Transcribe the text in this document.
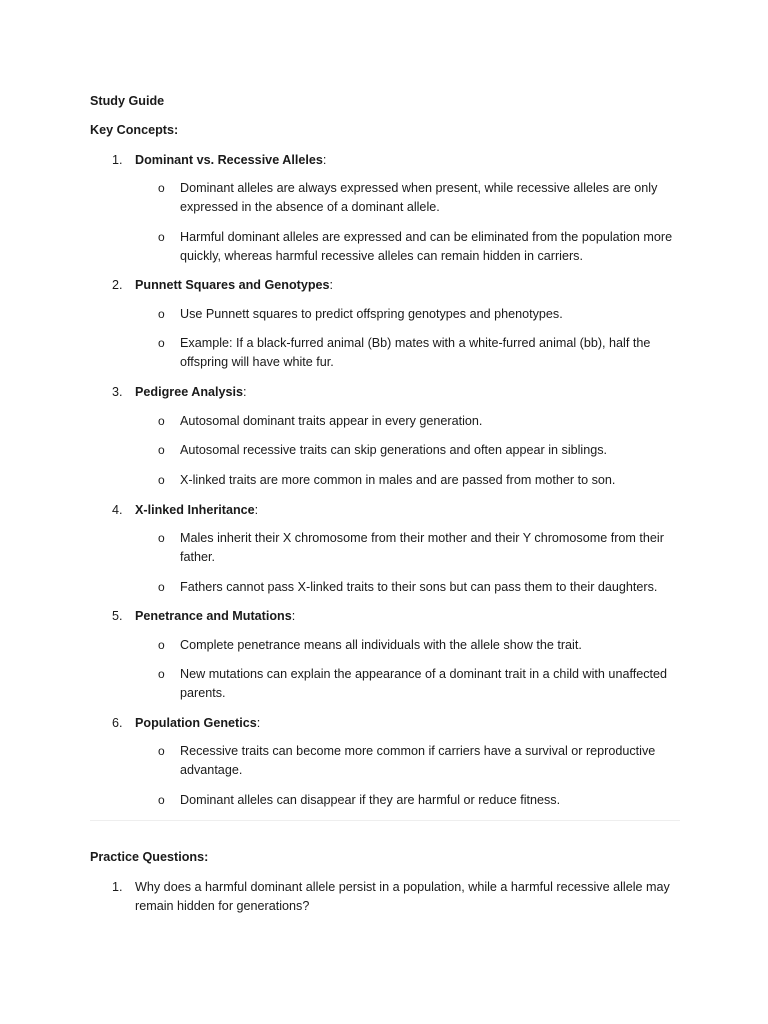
Study Guide
Key Concepts:
1. Dominant vs. Recessive Alleles:
o	Dominant alleles are always expressed when present, while recessive alleles are only expressed in the absence of a dominant allele.
o	Harmful dominant alleles are expressed and can be eliminated from the population more quickly, whereas harmful recessive alleles can remain hidden in carriers.
2. Punnett Squares and Genotypes:
o	Use Punnett squares to predict offspring genotypes and phenotypes.
o	Example: If a black-furred animal (Bb) mates with a white-furred animal (bb), half the offspring will have white fur.
3. Pedigree Analysis:
o	Autosomal dominant traits appear in every generation.
o	Autosomal recessive traits can skip generations and often appear in siblings.
o	X-linked traits are more common in males and are passed from mother to son.
4. X-linked Inheritance:
o	Males inherit their X chromosome from their mother and their Y chromosome from their father.
o	Fathers cannot pass X-linked traits to their sons but can pass them to their daughters.
5. Penetrance and Mutations:
o	Complete penetrance means all individuals with the allele show the trait.
o	New mutations can explain the appearance of a dominant trait in a child with unaffected parents.
6. Population Genetics:
o	Recessive traits can become more common if carriers have a survival or reproductive advantage.
o	Dominant alleles can disappear if they are harmful or reduce fitness.
Practice Questions:
1. Why does a harmful dominant allele persist in a population, while a harmful recessive allele may remain hidden for generations?
